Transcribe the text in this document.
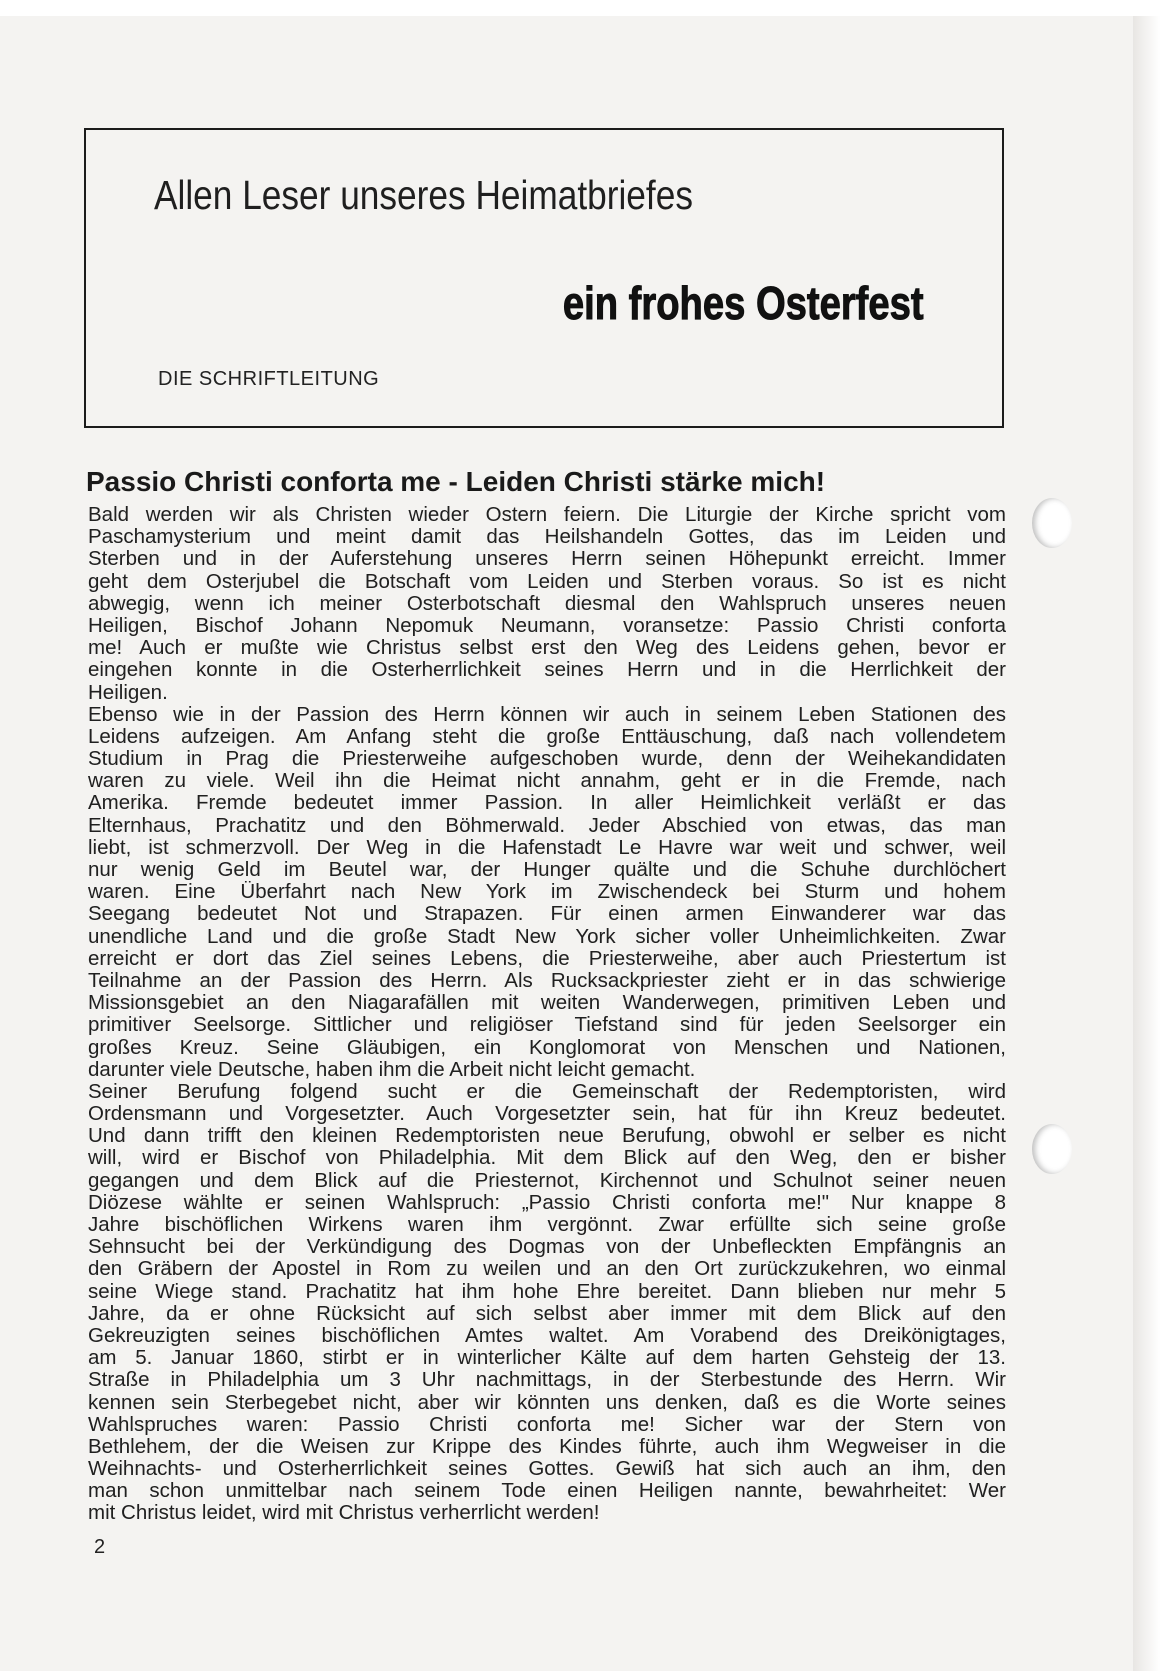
Allen Leser unseres Heimatbriefes
ein frohes Osterfest
DIE SCHRIFTLEITUNG
Passio Christi conforta me - Leiden Christi stärke mich!
Bald werden wir als Christen wieder Ostern feiern. Die Liturgie der Kirche spricht vom
Paschamysterium und meint damit das Heilshandeln Gottes, das im Leiden und
Sterben und in der Auferstehung unseres Herrn seinen Höhepunkt erreicht. Immer
geht dem Osterjubel die Botschaft vom Leiden und Sterben voraus. So ist es nicht
abwegig, wenn ich meiner Osterbotschaft diesmal den Wahlspruch unseres neuen
Heiligen, Bischof Johann Nepomuk Neumann, voransetze: Passio Christi conforta
me! Auch er mußte wie Christus selbst erst den Weg des Leidens gehen, bevor er
eingehen konnte in die Osterherrlichkeit seines Herrn und in die Herrlichkeit der
Heiligen.
Ebenso wie in der Passion des Herrn können wir auch in seinem Leben Stationen des
Leidens aufzeigen. Am Anfang steht die große Enttäuschung, daß nach vollendetem
Studium in Prag die Priesterweihe aufgeschoben wurde, denn der Weihekandidaten
waren zu viele. Weil ihn die Heimat nicht annahm, geht er in die Fremde, nach
Amerika. Fremde bedeutet immer Passion. In aller Heimlichkeit verläßt er das
Elternhaus, Prachatitz und den Böhmerwald. Jeder Abschied von etwas, das man
liebt, ist schmerzvoll. Der Weg in die Hafenstadt Le Havre war weit und schwer, weil
nur wenig Geld im Beutel war, der Hunger quälte und die Schuhe durchlöchert
waren. Eine Überfahrt nach New York im Zwischendeck bei Sturm und hohem
Seegang bedeutet Not und Strapazen. Für einen armen Einwanderer war das
unendliche Land und die große Stadt New York sicher voller Unheimlichkeiten. Zwar
erreicht er dort das Ziel seines Lebens, die Priesterweihe, aber auch Priestertum ist
Teilnahme an der Passion des Herrn. Als Rucksackpriester zieht er in das schwierige
Missionsgebiet an den Niagarafällen mit weiten Wanderwegen, primitiven Leben und
primitiver Seelsorge. Sittlicher und religiöser Tiefstand sind für jeden Seelsorger ein
großes Kreuz. Seine Gläubigen, ein Konglomorat von Menschen und Nationen,
darunter viele Deutsche, haben ihm die Arbeit nicht leicht gemacht.
Seiner Berufung folgend sucht er die Gemeinschaft der Redemptoristen, wird
Ordensmann und Vorgesetzter. Auch Vorgesetzter sein, hat für ihn Kreuz bedeutet.
Und dann trifft den kleinen Redemptoristen neue Berufung, obwohl er selber es nicht
will, wird er Bischof von Philadelphia. Mit dem Blick auf den Weg, den er bisher
gegangen und dem Blick auf die Priesternot, Kirchennot und Schulnot seiner neuen
Diözese wählte er seinen Wahlspruch: „Passio Christi conforta me!" Nur knappe 8
Jahre bischöflichen Wirkens waren ihm vergönnt. Zwar erfüllte sich seine große
Sehnsucht bei der Verkündigung des Dogmas von der Unbefleckten Empfängnis an
den Gräbern der Apostel in Rom zu weilen und an den Ort zurückzukehren, wo einmal
seine Wiege stand. Prachatitz hat ihm hohe Ehre bereitet. Dann blieben nur mehr 5
Jahre, da er ohne Rücksicht auf sich selbst aber immer mit dem Blick auf den
Gekreuzigten seines bischöflichen Amtes waltet. Am Vorabend des Dreikönigtages,
am 5. Januar 1860, stirbt er in winterlicher Kälte auf dem harten Gehsteig der 13.
Straße in Philadelphia um 3 Uhr nachmittags, in der Sterbestunde des Herrn. Wir
kennen sein Sterbegebet nicht, aber wir könnten uns denken, daß es die Worte seines
Wahlspruches waren: Passio Christi conforta me! Sicher war der Stern von
Bethlehem, der die Weisen zur Krippe des Kindes führte, auch ihm Wegweiser in die
Weihnachts- und Osterherrlichkeit seines Gottes. Gewiß hat sich auch an ihm, den
man schon unmittelbar nach seinem Tode einen Heiligen nannte, bewahrheitet: Wer
mit Christus leidet, wird mit Christus verherrlicht werden!
2
